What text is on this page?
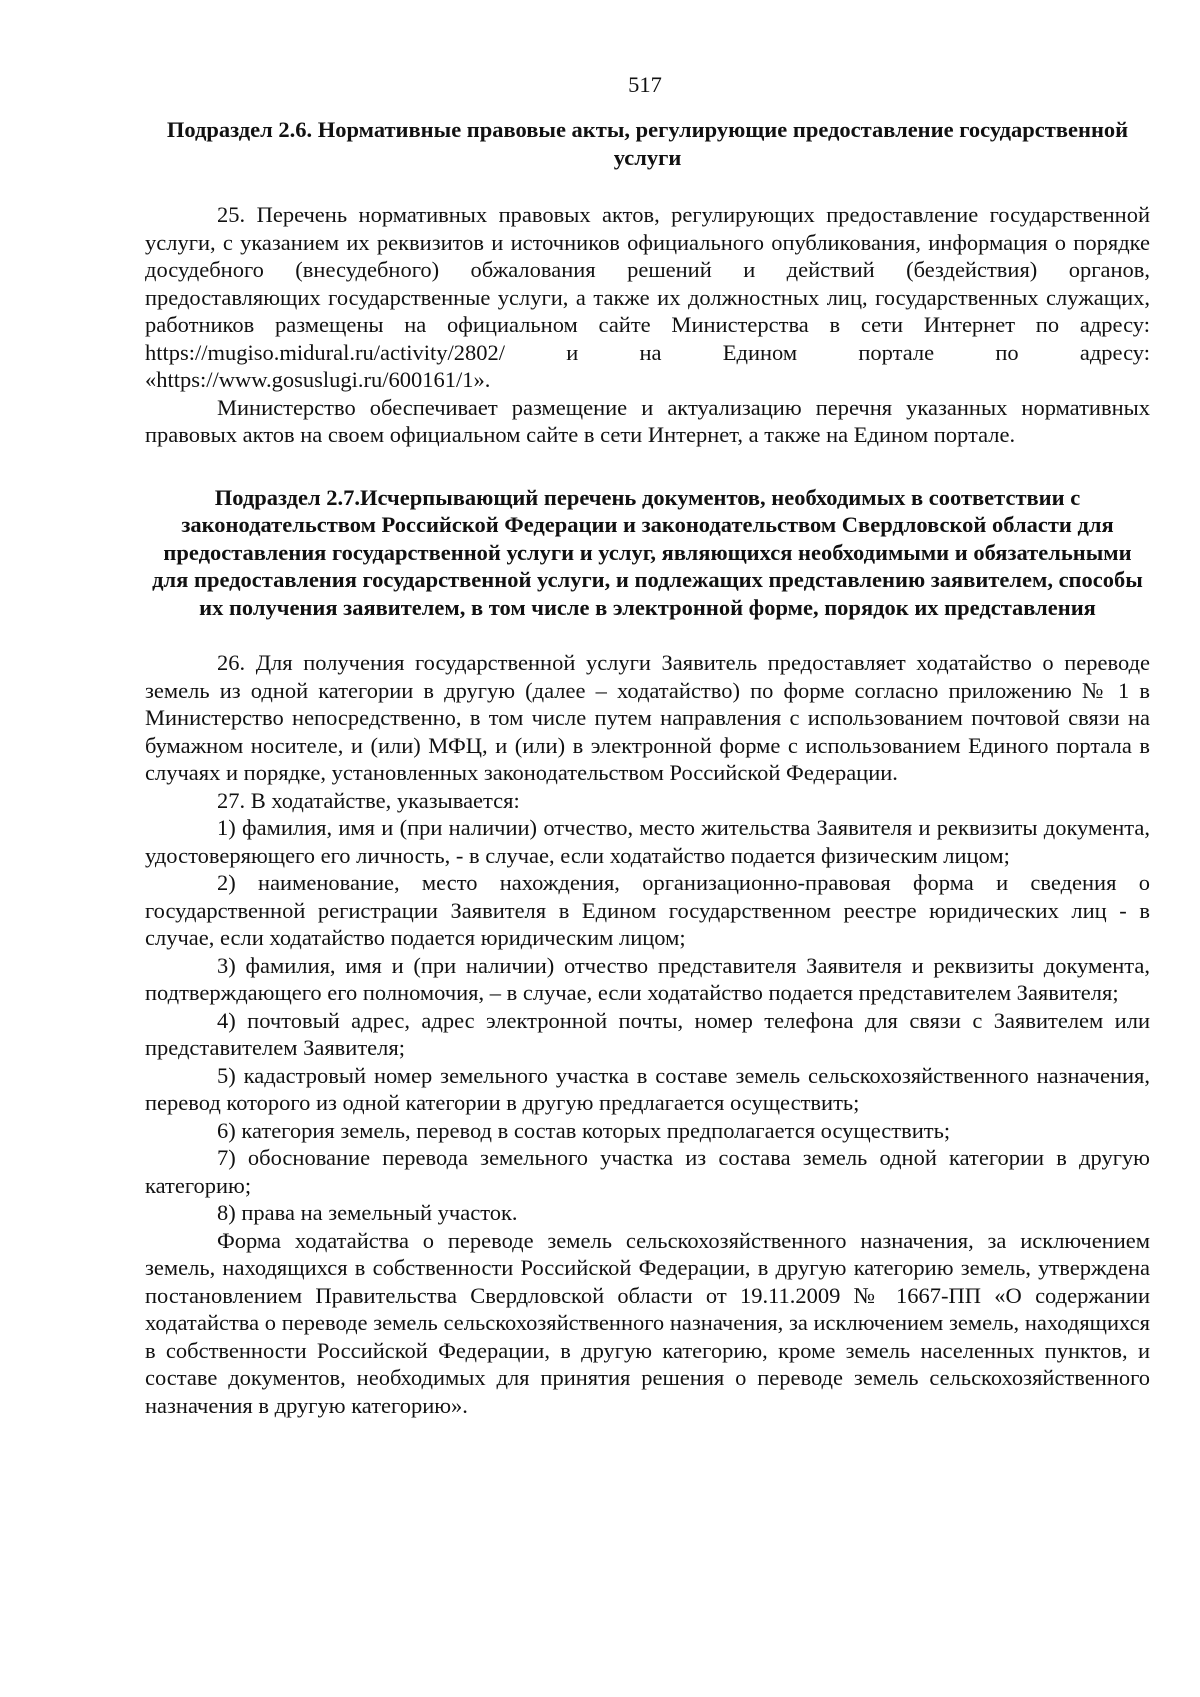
517

Подраздел 2.6. Нормативные правовые акты, регулирующие предоставление государственной услуги

25. Перечень нормативных правовых актов, регулирующих предоставление государственной услуги, с указанием их реквизитов и источников официального опубликования, информация о порядке досудебного (внесудебного) обжалования решений и действий (бездействия) органов, предоставляющих государственные услуги, а также их должностных лиц, государственных служащих, работников размещены на официальном сайте Министерства в сети Интернет по адресу: https://mugiso.midural.ru/activity/2802/ и на Едином портале по адресу: «https://www.gosuslugi.ru/600161/1».

Министерство обеспечивает размещение и актуализацию перечня указанных нормативных правовых актов на своем официальном сайте в сети Интернет, а также на Едином портале.

Подраздел 2.7.Исчерпывающий перечень документов, необходимых в соответствии с законодательством Российской Федерации и законодательством Свердловской области для предоставления государственной услуги и услуг, являющихся необходимыми и обязательными для предоставления государственной услуги, и подлежащих представлению заявителем, способы их получения заявителем, в том числе в электронной форме, порядок их представления

26. Для получения государственной услуги Заявитель предоставляет ходатайство о переводе земель из одной категории в другую (далее – ходатайство) по форме согласно приложению № 1 в Министерство непосредственно, в том числе путем направления с использованием почтовой связи на бумажном носителе, и (или) МФЦ, и (или) в электронной форме с использованием Единого портала в случаях и порядке, установленных законодательством Российской Федерации.

27. В ходатайстве, указывается:

1) фамилия, имя и (при наличии) отчество, место жительства Заявителя и реквизиты документа, удостоверяющего его личность, - в случае, если ходатайство подается физическим лицом;

2) наименование, место нахождения, организационно-правовая форма и сведения о государственной регистрации Заявителя в Едином государственном реестре юридических лиц - в случае, если ходатайство подается юридическим лицом;

3) фамилия, имя и (при наличии) отчество представителя Заявителя и реквизиты документа, подтверждающего его полномочия, – в случае, если ходатайство подается представителем Заявителя;

4) почтовый адрес, адрес электронной почты, номер телефона для связи с Заявителем или представителем Заявителя;

5) кадастровый номер земельного участка в составе земель сельскохозяйственного назначения, перевод которого из одной категории в другую предлагается осуществить;

6) категория земель, перевод в состав которых предполагается осуществить;

7) обоснование перевода земельного участка из состава земель одной категории в другую категорию;

8) права на земельный участок.

Форма ходатайства о переводе земель сельскохозяйственного назначения, за исключением земель, находящихся в собственности Российской Федерации, в другую категорию земель, утверждена постановлением Правительства Свердловской области от 19.11.2009 № 1667-ПП «О содержании ходатайства о переводе земель сельскохозяйственного назначения, за исключением земель, находящихся в собственности Российской Федерации, в другую категорию, кроме земель населенных пунктов, и составе документов, необходимых для принятия решения о переводе земель сельскохозяйственного назначения в другую категорию».
